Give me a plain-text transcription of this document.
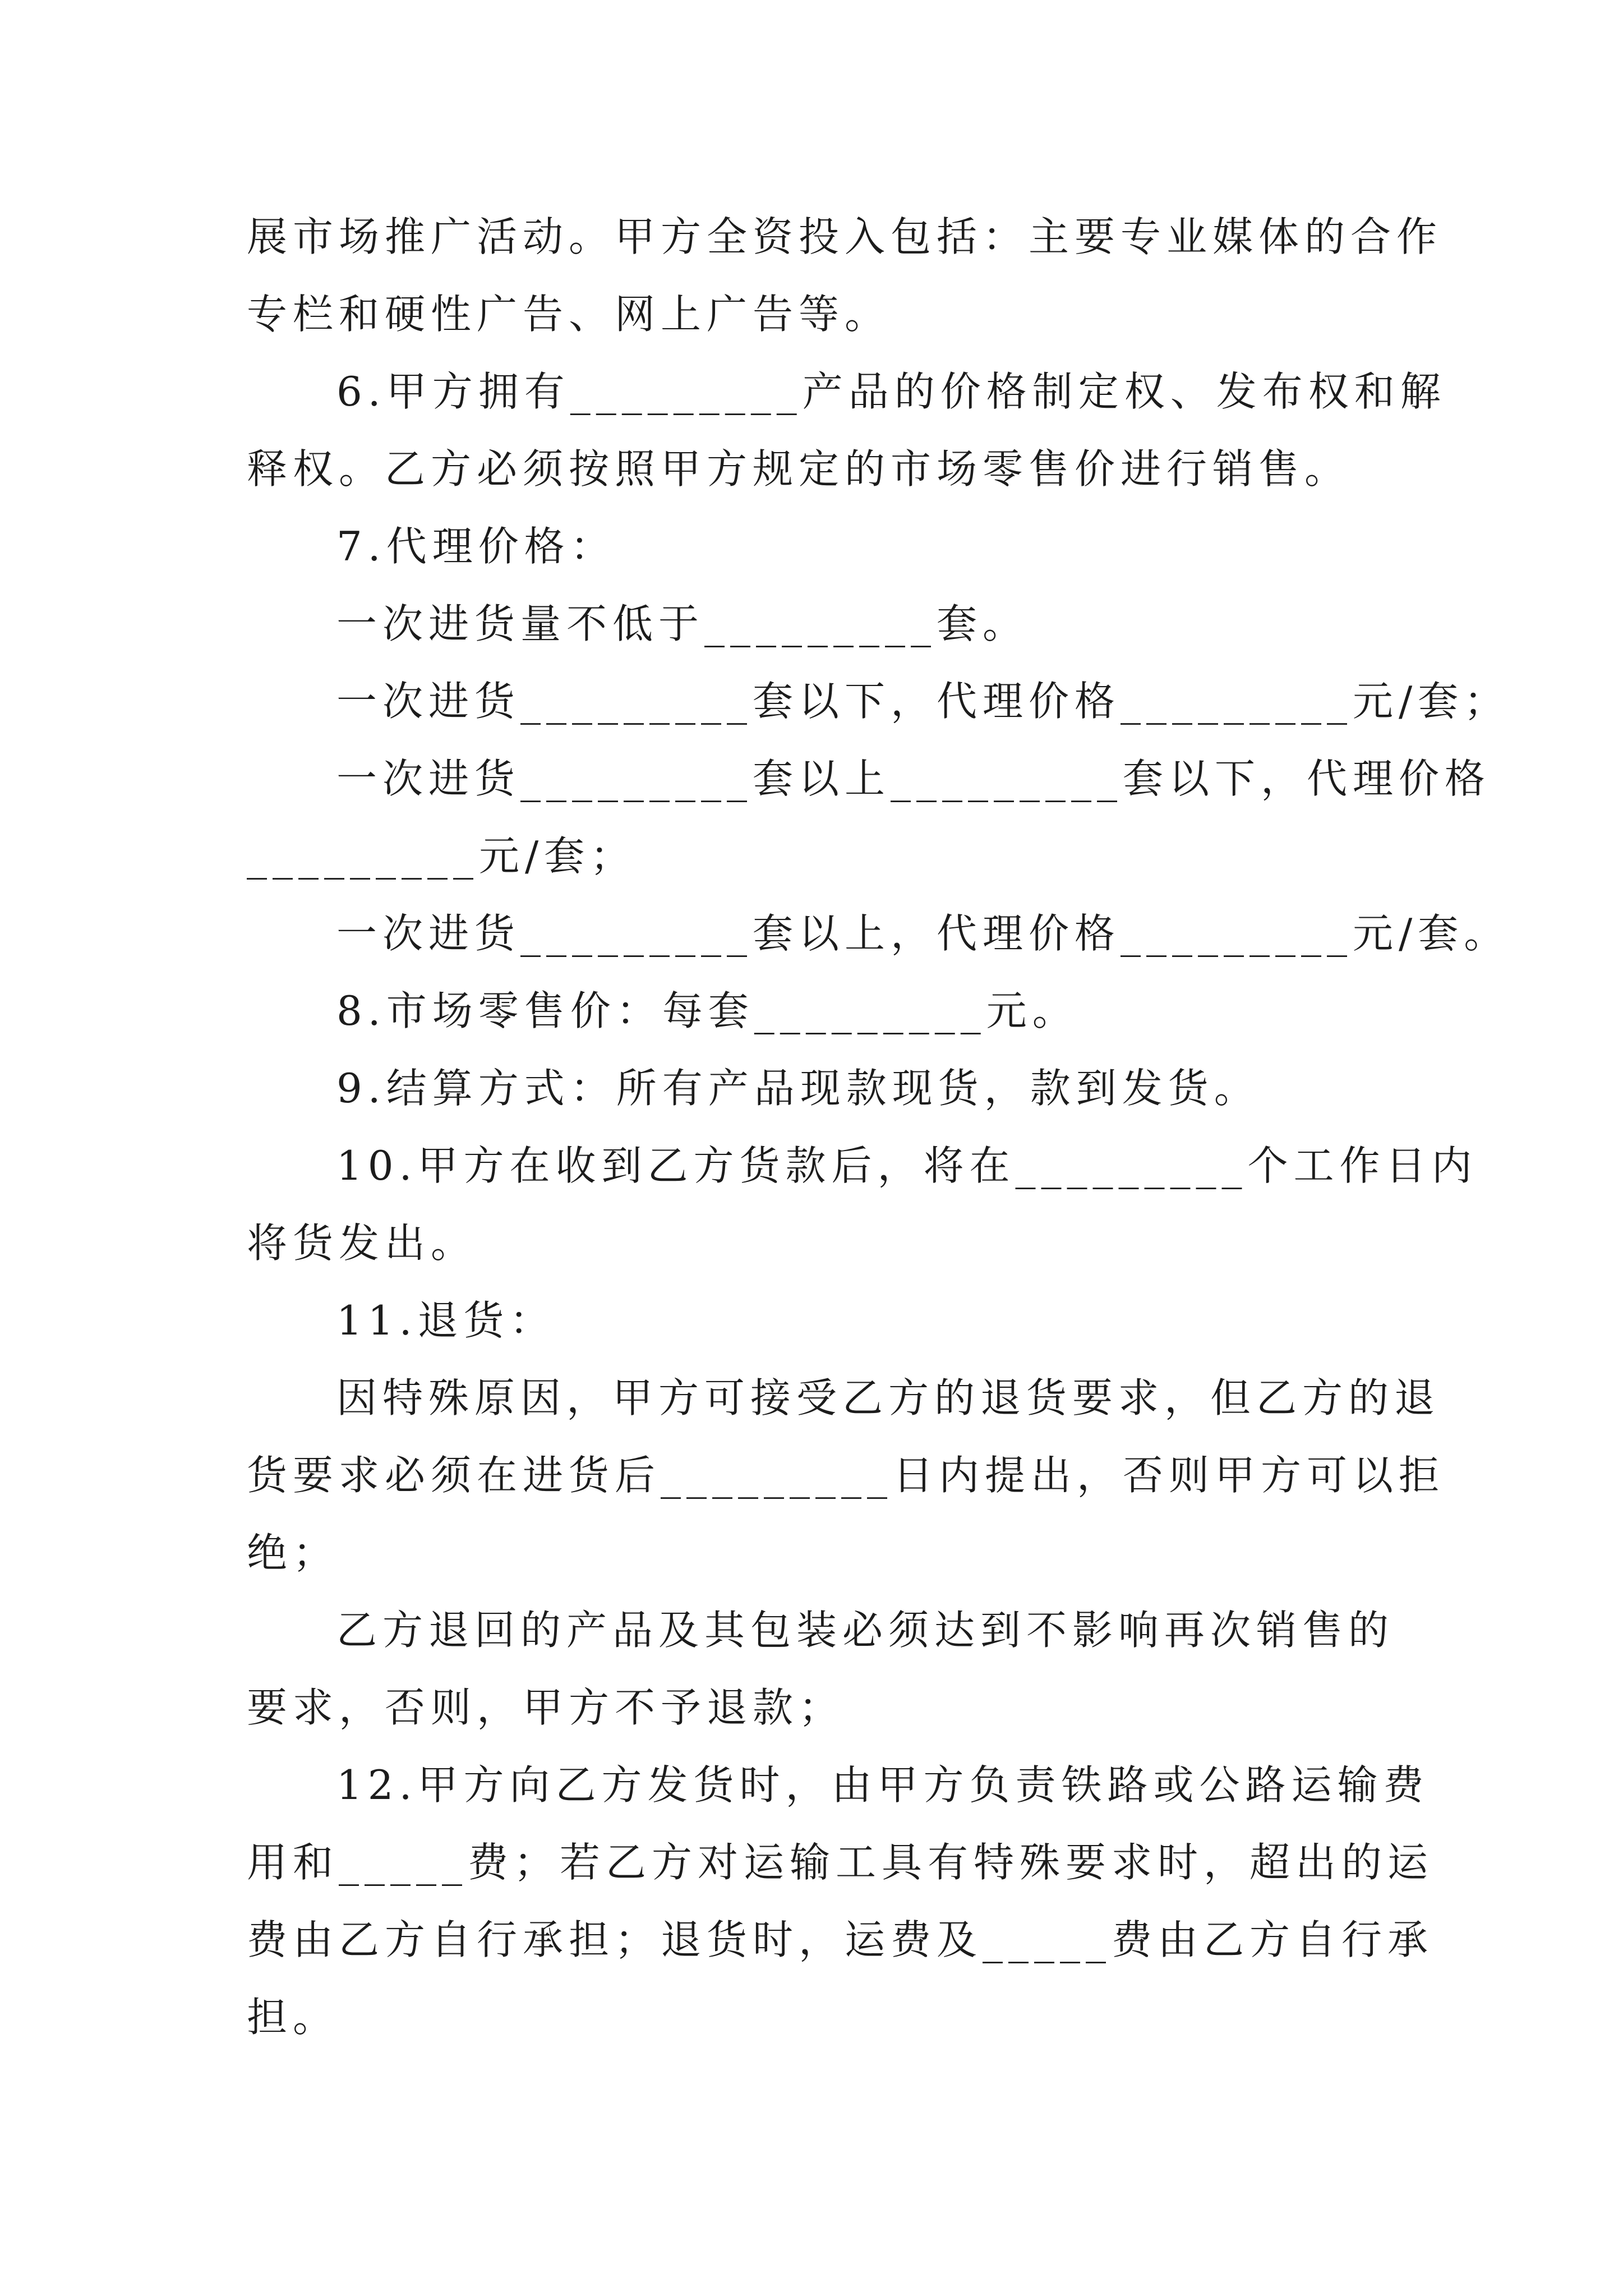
展市场推广活动。甲方全资投入包括：主要专业媒体的合作

专栏和硬性广告、网上广告等。

6.甲方拥有_________产品的价格制定权、发布权和解

释权。乙方必须按照甲方规定的市场零售价进行销售。

7.代理价格：

一次进货量不低于_________套。

一次进货_________套以下，代理价格_________元/套；

一次进货_________套以上_________套以下，代理价格

_________元/套；

一次进货_________套以上，代理价格_________元/套。

8.市场零售价：每套_________元。

9.结算方式：所有产品现款现货，款到发货。

10.甲方在收到乙方货款后，将在_________个工作日内

将货发出。

11.退货：

因特殊原因，甲方可接受乙方的退货要求，但乙方的退

货要求必须在进货后_________日内提出，否则甲方可以拒

绝；

乙方退回的产品及其包装必须达到不影响再次销售的

要求，否则，甲方不予退款；

12.甲方向乙方发货时，由甲方负责铁路或公路运输费

用和_____费；若乙方对运输工具有特殊要求时，超出的运

费由乙方自行承担；退货时，运费及_____费由乙方自行承

担。
